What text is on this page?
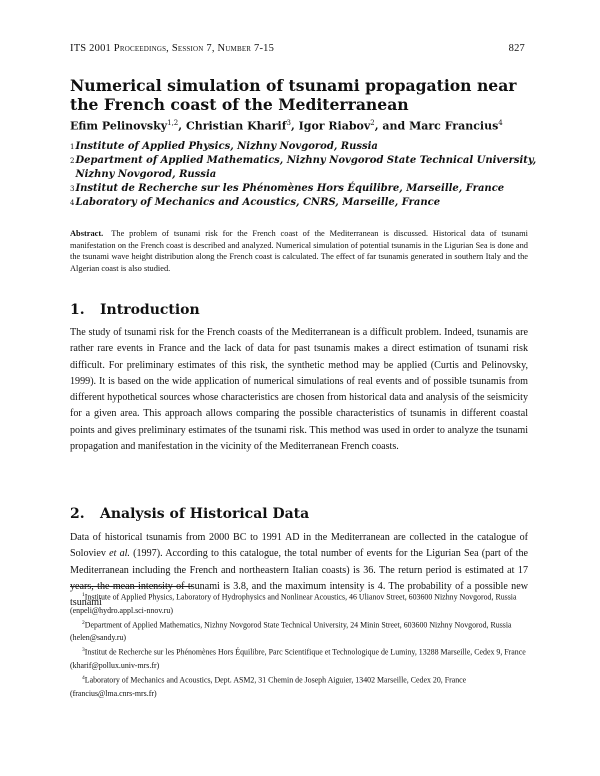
ITS 2001 Proceedings, Session 7, Number 7-15	827
Numerical simulation of tsunami propagation near the French coast of the Mediterranean
Efim Pelinovsky$^{1,2}$, Christian Kharif$^3$, Igor Riabov$^2$, and Marc Francius$^4$
1 Institute of Applied Physics, Nizhny Novgorod, Russia
2 Department of Applied Mathematics, Nizhny Novgorod State Technical University, Nizhny Novgorod, Russia
3 Institut de Recherche sur les Phénomènes Hors Équilibre, Marseille, France
4 Laboratory of Mechanics and Acoustics, CNRS, Marseille, France
Abstract. The problem of tsunami risk for the French coast of the Mediterranean is discussed. Historical data of tsunami manifestation on the French coast is described and analyzed. Numerical simulation of potential tsunamis in the Ligurian Sea is done and the tsunami wave height distribution along the French coast is calculated. The effect of far tsunamis generated in southern Italy and the Algerian coast is also studied.
1. Introduction

The study of tsunami risk for the French coasts of the Mediterranean is a difficult problem. Indeed, tsunamis are rather rare events in France and the lack of data for past tsunamis makes a direct estimation of tsunami risk difficult. For preliminary estimates of this risk, the synthetic method may be applied (Curtis and Pelinovsky, 1999). It is based on the wide application of numerical simulations of real events and of possible tsunamis from different hypothetical sources whose characteristics are chosen from historical data and analysis of the seismicity for a given area. This approach allows comparing the possible characteristics of tsunamis in different coastal points and gives preliminary estimates of the tsunami risk. This method was used in order to analyze the tsunami propagation and manifestation in the vicinity of the Mediterranean French coasts.

2. Analysis of Historical Data

Data of historical tsunamis from 2000 BC to 1991 AD in the Mediterranean are collected in the catalogue of Soloviev et al. (1997). According to this catalogue, the total number of events for the Ligurian Sea (part of the Mediterranean including the French and northeastern Italian coasts) is 36. The return period is estimated at 17 years, the mean intensity of tsunami is 3.8, and the maximum intensity is 4. The probability of a possible new tsunami

$^1$Institute of Applied Physics, Laboratory of Hydrophysics and Nonlinear Acoustics, 46 Ulianov Street, 603600 Nizhny Novgorod, Russia (enpeli@hydro.appl.sci-nnov.ru)
$^2$Department of Applied Mathematics, Nizhny Novgorod State Technical University, 24 Minin Street, 603600 Nizhny Novgorod, Russia (helen@sandy.ru)
$^3$Institut de Recherche sur les Phénomènes Hors Équilibre, Parc Scientifique et Technologique de Luminy, 13288 Marseille, Cedex 9, France (kharif@pollux.univ-mrs.fr)
$^4$Laboratory of Mechanics and Acoustics, Dept. ASM2, 31 Chemin de Joseph Aiguier, 13402 Marseille, Cedex 20, France (francius@lma.cnrs-mrs.fr)
